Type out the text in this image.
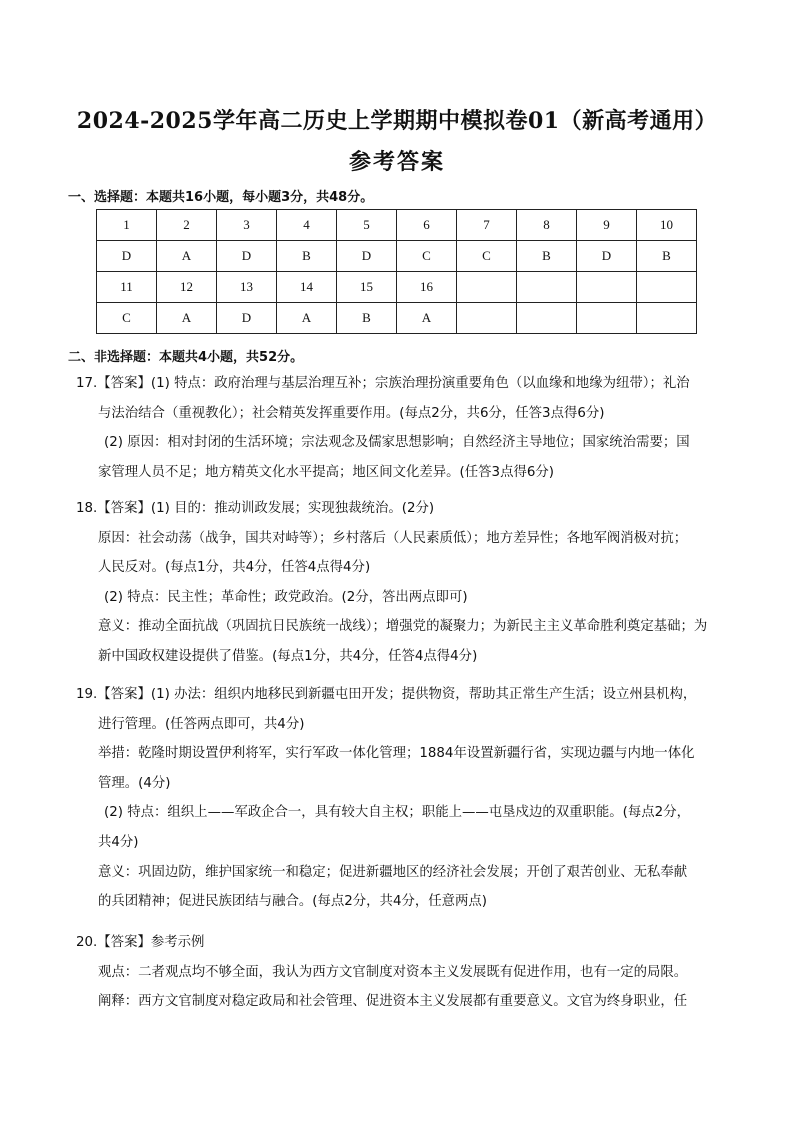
2024-2025学年高二历史上学期期中模拟卷01（新高考通用）
参考答案
一、选择题：本题共16小题，每小题3分，共48分。
1	2	3	4	5	6	7	8	9	10
D	A	D	B	D	C	C	B	D	B
11	12	13	14	15	16				
C	A	D	A	B	A				
二、非选择题：本题共4小题，共52分。
17.【答案】(1) 特点：政府治理与基层治理互补；宗族治理扮演重要角色（以血缘和地缘为纽带）；礼治
与法治结合（重视教化）；社会精英发挥重要作用。(每点2分，共6分，任答3点得6分)
(2) 原因：相对封闭的生活环境；宗法观念及儒家思想影响；自然经济主导地位；国家统治需要；国
家管理人员不足；地方精英文化水平提高；地区间文化差异。(任答3点得6分)
18.【答案】(1) 目的：推动训政发展；实现独裁统治。(2分)
原因：社会动荡（战争，国共对峙等）；乡村落后（人民素质低）；地方差异性；各地军阀消极对抗；
人民反对。(每点1分，共4分，任答4点得4分)
(2) 特点：民主性；革命性；政党政治。(2分，答出两点即可)
意义：推动全面抗战（巩固抗日民族统一战线）；增强党的凝聚力；为新民主主义革命胜利奠定基础；为
新中国政权建设提供了借鉴。(每点1分，共4分，任答4点得4分)
19.【答案】(1) 办法：组织内地移民到新疆屯田开发；提供物资，帮助其正常生产生活；设立州县机构，
进行管理。(任答两点即可，共4分)
举措：乾隆时期设置伊利将军，实行军政一体化管理；1884年设置新疆行省，实现边疆与内地一体化
管理。(4分)
(2) 特点：组织上——军政企合一，具有较大自主权；职能上——屯垦戍边的双重职能。(每点2分，
共4分)
意义：巩固边防，维护国家统一和稳定；促进新疆地区的经济社会发展；开创了艰苦创业、无私奉献
的兵团精神；促进民族团结与融合。(每点2分，共4分，任意两点)
20.【答案】参考示例
观点：二者观点均不够全面，我认为西方文官制度对资本主义发展既有促进作用，也有一定的局限。
阐释：西方文官制度对稳定政局和社会管理、促进资本主义发展都有重要意义。文官为终身职业，任
